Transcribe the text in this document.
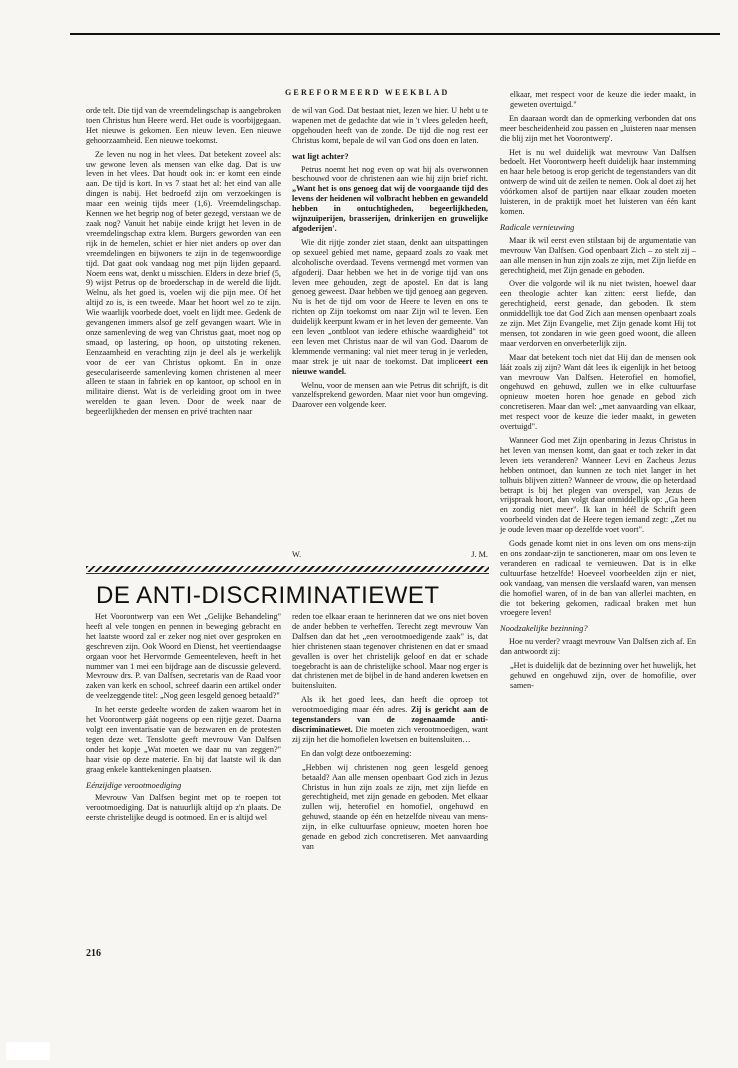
GEREFORMEERD WEEKBLAD

orde telt. Die tijd van de vreemdelingschap is aangebroken toen Christus hun Heere werd. Het oude is voorbijgegaan. Het nieuwe is gekomen. Een nieuw leven. Een nieuwe gehoorzaamheid. Een nieuwe toekomst.

Ze leven nu nog in het vlees. Dat betekent zoveel als: uw gewone leven als mensen van elke dag. Dat is uw leven in het vlees. Dat houdt ook in: er komt een einde aan. De tijd is kort. In vs 7 staat het al: het eind van alle dingen is nabij. Het bedroefd zijn om verzoekingen is maar een weinig tijds meer (1,6). Vreemdelingschap. Kennen we het begrip nog of beter gezegd, verstaan we de zaak nog? Vanuit het nabije einde krijgt het leven in de vreemdelingschap extra klem. Burgers geworden van een rijk in de hemelen, schiet er hier niet anders op over dan vreemdelingen en bijwoners te zijn in de tegenwoordige tijd. Dat gaat ook vandaag nog met pijn lijden gepaard. Noem eens wat, denkt u misschien. Elders in deze brief (5, 9) wijst Petrus op de broederschap in de wereld die lijdt. Welnu, als het goed is, voelen wij die pijn mee. Of het altijd zo is, is een tweede. Maar het hoort wel zo te zijn. Wie waarlijk voorbede doet, voelt en lijdt mee. Gedenk de gevangenen immers alsof ge zelf gevangen waart. Wie in onze samenleving de weg van Christus gaat, moet nog op smaad, op lastering, op hoon, op uitstoting rekenen. Eenzaamheid en verachting zijn je deel als je werkelijk voor de eer van Christus opkomt. En in onze geseculariseerde samenleving komen christenen al meer alleen te staan in fabriek en op kantoor, op school en in militaire dienst. Wat is de verleiding groot om in twee werelden te gaan leven. Door de week naar de begeerlijkheden der mensen en privé trachten naar

de wil van God. Dat bestaat niet, lezen we hier. U hebt u te wapenen met de gedachte dat wie in 't vlees geleden heeft, opgehouden heeft van de zonde. De tijd die nog rest eer Christus komt, bepale de wil van God ons doen en laten.

wat ligt achter?

Petrus noemt het nog even op wat hij als overwonnen beschouwd voor de christenen aan wie hij zijn brief richt. „Want het is ons genoeg dat wij de voorgaande tijd des levens der heidenen wil volbracht hebben en gewandeld hebben in ontuchtigheden, begeerlijkheden, wijnzuiperijen, brasserijen, drinkerijen en gruwelijke afgoderijen'.

Wie dit rijtje zonder ziet staan, denkt aan uitspattingen op sexueel gebied met name, gepaard zoals zo vaak met alcoholische overdaad. Tevens vermengd met vormen van afgoderij. Daar hebben we het in de vorige tijd van ons leven mee gehouden, zegt de apostel. En dat is lang genoeg geweest. Daar hebben we tijd genoeg aan gegeven. Nu is het de tijd om voor de Heere te leven en ons te richten op Zijn toekomst om naar Zijn wil te leven. Een duidelijk keerpunt kwam er in het leven der gemeente. Van een leven „ontbloot van iedere ethische waardigheid" tot een leven met Christus naar de wil van God. Daarom de klemmende vermaning: val niet meer terug in je verleden, maar strek je uit naar de toekomst. Dat impliceert een nieuwe wandel.

Welnu, voor de mensen aan wie Petrus dit schrijft, is dit vanzelfsprekend geworden. Maar niet voor hun omgeving. Daarover een volgende keer.

W.	J. M.

elkaar, met respect voor de keuze die ieder maakt, in geweten overtuigd."

En daaraan wordt dan de opmerking verbonden dat ons meer bescheidenheid zou passen en „luisteren naar mensen die blij zijn met het Voorontwerp'.

Het is nu wel duidelijk wat mevrouw Van Dalfsen bedoelt. Het Voorontwerp heeft duidelijk haar instemming en haar hele betoog is erop gericht de tegenstanders van dit ontwerp de wind uit de zeilen te nemen. Ook al doet zij het vóórkomen alsof de partijen naar elkaar zouden moeten luisteren, in de praktijk moet het luisteren van één kant komen.

Radicale vernieuwing

Maar ik wil eerst even stilstaan bij de argumentatie van mevrouw Van Dalfsen. God openbaart Zich – zo stelt zij – aan alle mensen in hun zijn zoals ze zijn, met Zijn liefde en gerechtigheid, met Zijn genade en geboden.

Over die volgorde wil ik nu niet twisten, hoewel daar een theologie achter kan zitten: eerst liefde, dan gerechtigheid, eerst genade, dan geboden. Ik stem onmiddellijk toe dat God Zich aan mensen openbaart zoals ze zijn. Met Zijn Evangelie, met Zijn genade komt Hij tot mensen, tot zondaren in wie geen goed woont, die alleen maar verdorven en onverbeterlijk zijn.

Maar dat betekent toch niet dat Hij dan de mensen ook láát zoals zij zijn? Want dát lees ik eigenlijk in het betoog van mevrouw Van Dalfsen. Heterofiel en homofiel, ongehuwd en gehuwd, zullen we in elke cultuurfase opnieuw moeten horen hoe genade en gebod zich concretiseren. Maar dan wel: „met aanvaarding van elkaar, met respect voor de keuze die ieder maakt, in geweten overtuigd".

Wanneer God met Zijn openbaring in Jezus Christus in het leven van mensen komt, dan gaat er toch zeker in dat leven iets veranderen? Wanneer Levi en Zacheus Jezus hebben ontmoet, dan kunnen ze toch niet langer in het tolhuis blijven zitten? Wanneer de vrouw, die op heterdaad betrapt is bij het plegen van overspel, van Jezus de vrijspraak hoort, dan volgt daar onmiddellijk op: „Ga heen en zondig niet meer". Ik kan in héél de Schrift geen voorbeeld vinden dat de Heere tegen iemand zegt: „Zet nu je oude leven maar op dezelfde voet voort".

Gods genade komt niet in ons leven om ons mens-zijn en ons zondaar-zijn te sanctioneren, maar om ons leven te veranderen en radicaal te vernieuwen. Dat is in elke cultuurfase hetzelfde! Hoeveel voorbeelden zijn er niet, ook vandaag, van mensen die verslaafd waren, van mensen die homofiel waren, of in de ban van allerlei machten, en die tot bekering gekomen, radicaal braken met hun vroegere leven!

Noodzakelijke bezinning?

Hoe nu verder? vraagt mevrouw Van Dalfsen zich af. En dan antwoordt zij:

„Het is duidelijk dat de bezinning over het huwelijk, het gehuwd en ongehuwd zijn, over de homofilie, over samen-

DE ANTI-DISCRIMINATIEWET

Het Voorontwerp van een Wet „Gelijke Behandeling" heeft al vele tongen en pennen in beweging gebracht en het laatste woord zal er zeker nog niet over gesproken en geschreven zijn. Ook Woord en Dienst, het veertiendaagse orgaan voor het Hervormde Gemeenteleven, heeft in het nummer van 1 mei een bijdrage aan de discussie geleverd. Mevrouw drs. P. van Dalfsen, secretaris van de Raad voor zaken van kerk en school, schreef daarin een artikel onder de veelzeggende titel: „Nog geen lesgeld genoeg betaald?"

In het eerste gedeelte worden de zaken waarom het in het Voorontwerp gáát nogeens op een rijtje gezet. Daarna volgt een inventarisatie van de bezwaren en de protesten tegen deze wet. Tenslotte geeft mevrouw Van Dalfsen onder het kopje „Wat moeten we daar nu van zeggen?" haar visie op deze materie. En bij dat laatste wil ik dan graag enkele kanttekeningen plaatsen.

Eénzijdige verootmoediging

Mevrouw Van Dalfsen begint met op te roepen tot verootmoediging. Dat is natuurlijk altijd op z'n plaats. De eerste christelijke deugd is ootmoed. En er is altijd wel

reden toe elkaar eraan te herinneren dat we ons niet boven de ander hebben te verheffen. Terecht zegt mevrouw Van Dalfsen dan dat het „een verootmoedigende zaak" is, dat hier christenen staan tegenover christenen en dat er smaad gevallen is over het christelijk geloof en dat er schade toegebracht is aan de christelijke school. Maar nog erger is dat christenen met de bijbel in de hand anderen kwetsen en buitensluiten.

Als ik het goed lees, dan heeft die oproep tot verootmoediging maar één adres. Zij is gericht aan de tegenstanders van de zogenaamde anti-discriminatiewet. Die moeten zich verootmoedigen, want zij zijn het die homofielen kwetsen en buitensluiten…

En dan volgt deze ontboezeming:

„Hebben wij christenen nog geen lesgeld genoeg betaald? Aan alle mensen openbaart God zich in Jezus Christus in hun zijn zoals ze zijn, met zijn liefde en gerechtigheid, met zijn genade en geboden. Met elkaar zullen wij, heterofiel en homofiel, ongehuwd en gehuwd, staande op één en hetzelfde niveau van mens-zijn, in elke cultuurfase opnieuw, moeten horen hoe genade en gebod zich concretiseren. Met aanvaarding van

216
